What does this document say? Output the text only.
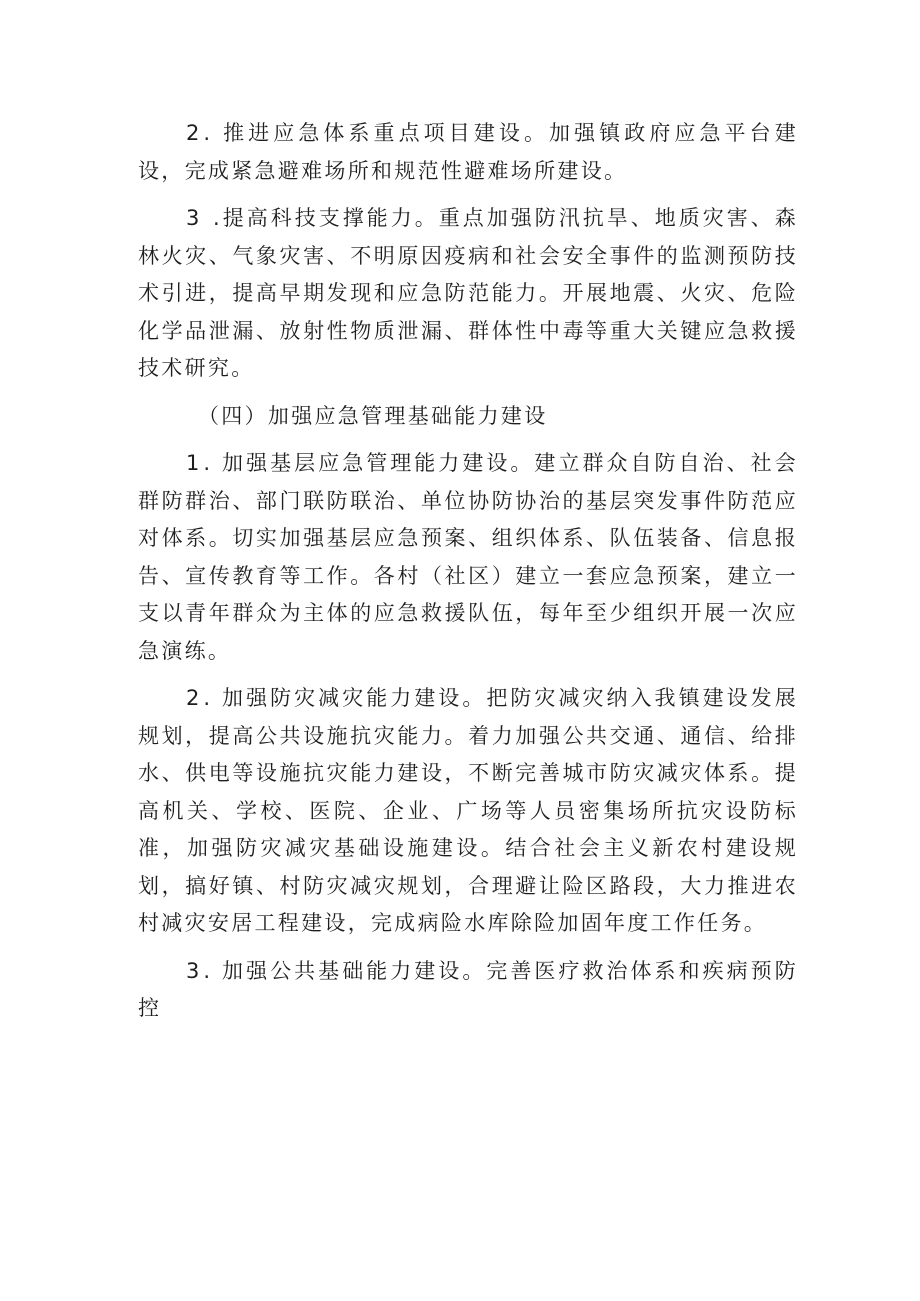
2 . 推进应急体系重点项目建设。加强镇政府应急平台建设，完成紧急避难场所和规范性避难场所建设。

3 .提高科技支撑能力。重点加强防汛抗旱、地质灾害、森林火灾、气象灾害、不明原因疫病和社会安全事件的监测预防技术引进，提高早期发现和应急防范能力。开展地震、火灾、危险化学品泄漏、放射性物质泄漏、群体性中毒等重大关键应急救援技术研究。

（四）加强应急管理基础能力建设

1 . 加强基层应急管理能力建设。建立群众自防自治、社会群防群治、部门联防联治、单位协防协治的基层突发事件防范应对体系。切实加强基层应急预案、组织体系、队伍装备、信息报告、宣传教育等工作。各村（社区）建立一套应急预案，建立一支以青年群众为主体的应急救援队伍，每年至少组织开展一次应急演练。

2 . 加强防灾减灾能力建设。把防灾减灾纳入我镇建设发展规划，提高公共设施抗灾能力。着力加强公共交通、通信、给排水、供电等设施抗灾能力建设，不断完善城市防灾减灾体系。提高机关、学校、医院、企业、广场等人员密集场所抗灾设防标准，加强防灾减灾基础设施建设。结合社会主义新农村建设规划，搞好镇、村防灾减灾规划，合理避让险区路段，大力推进农村减灾安居工程建设，完成病险水库除险加固年度工作任务。

3 . 加强公共基础能力建设。完善医疗救治体系和疾病预防控
